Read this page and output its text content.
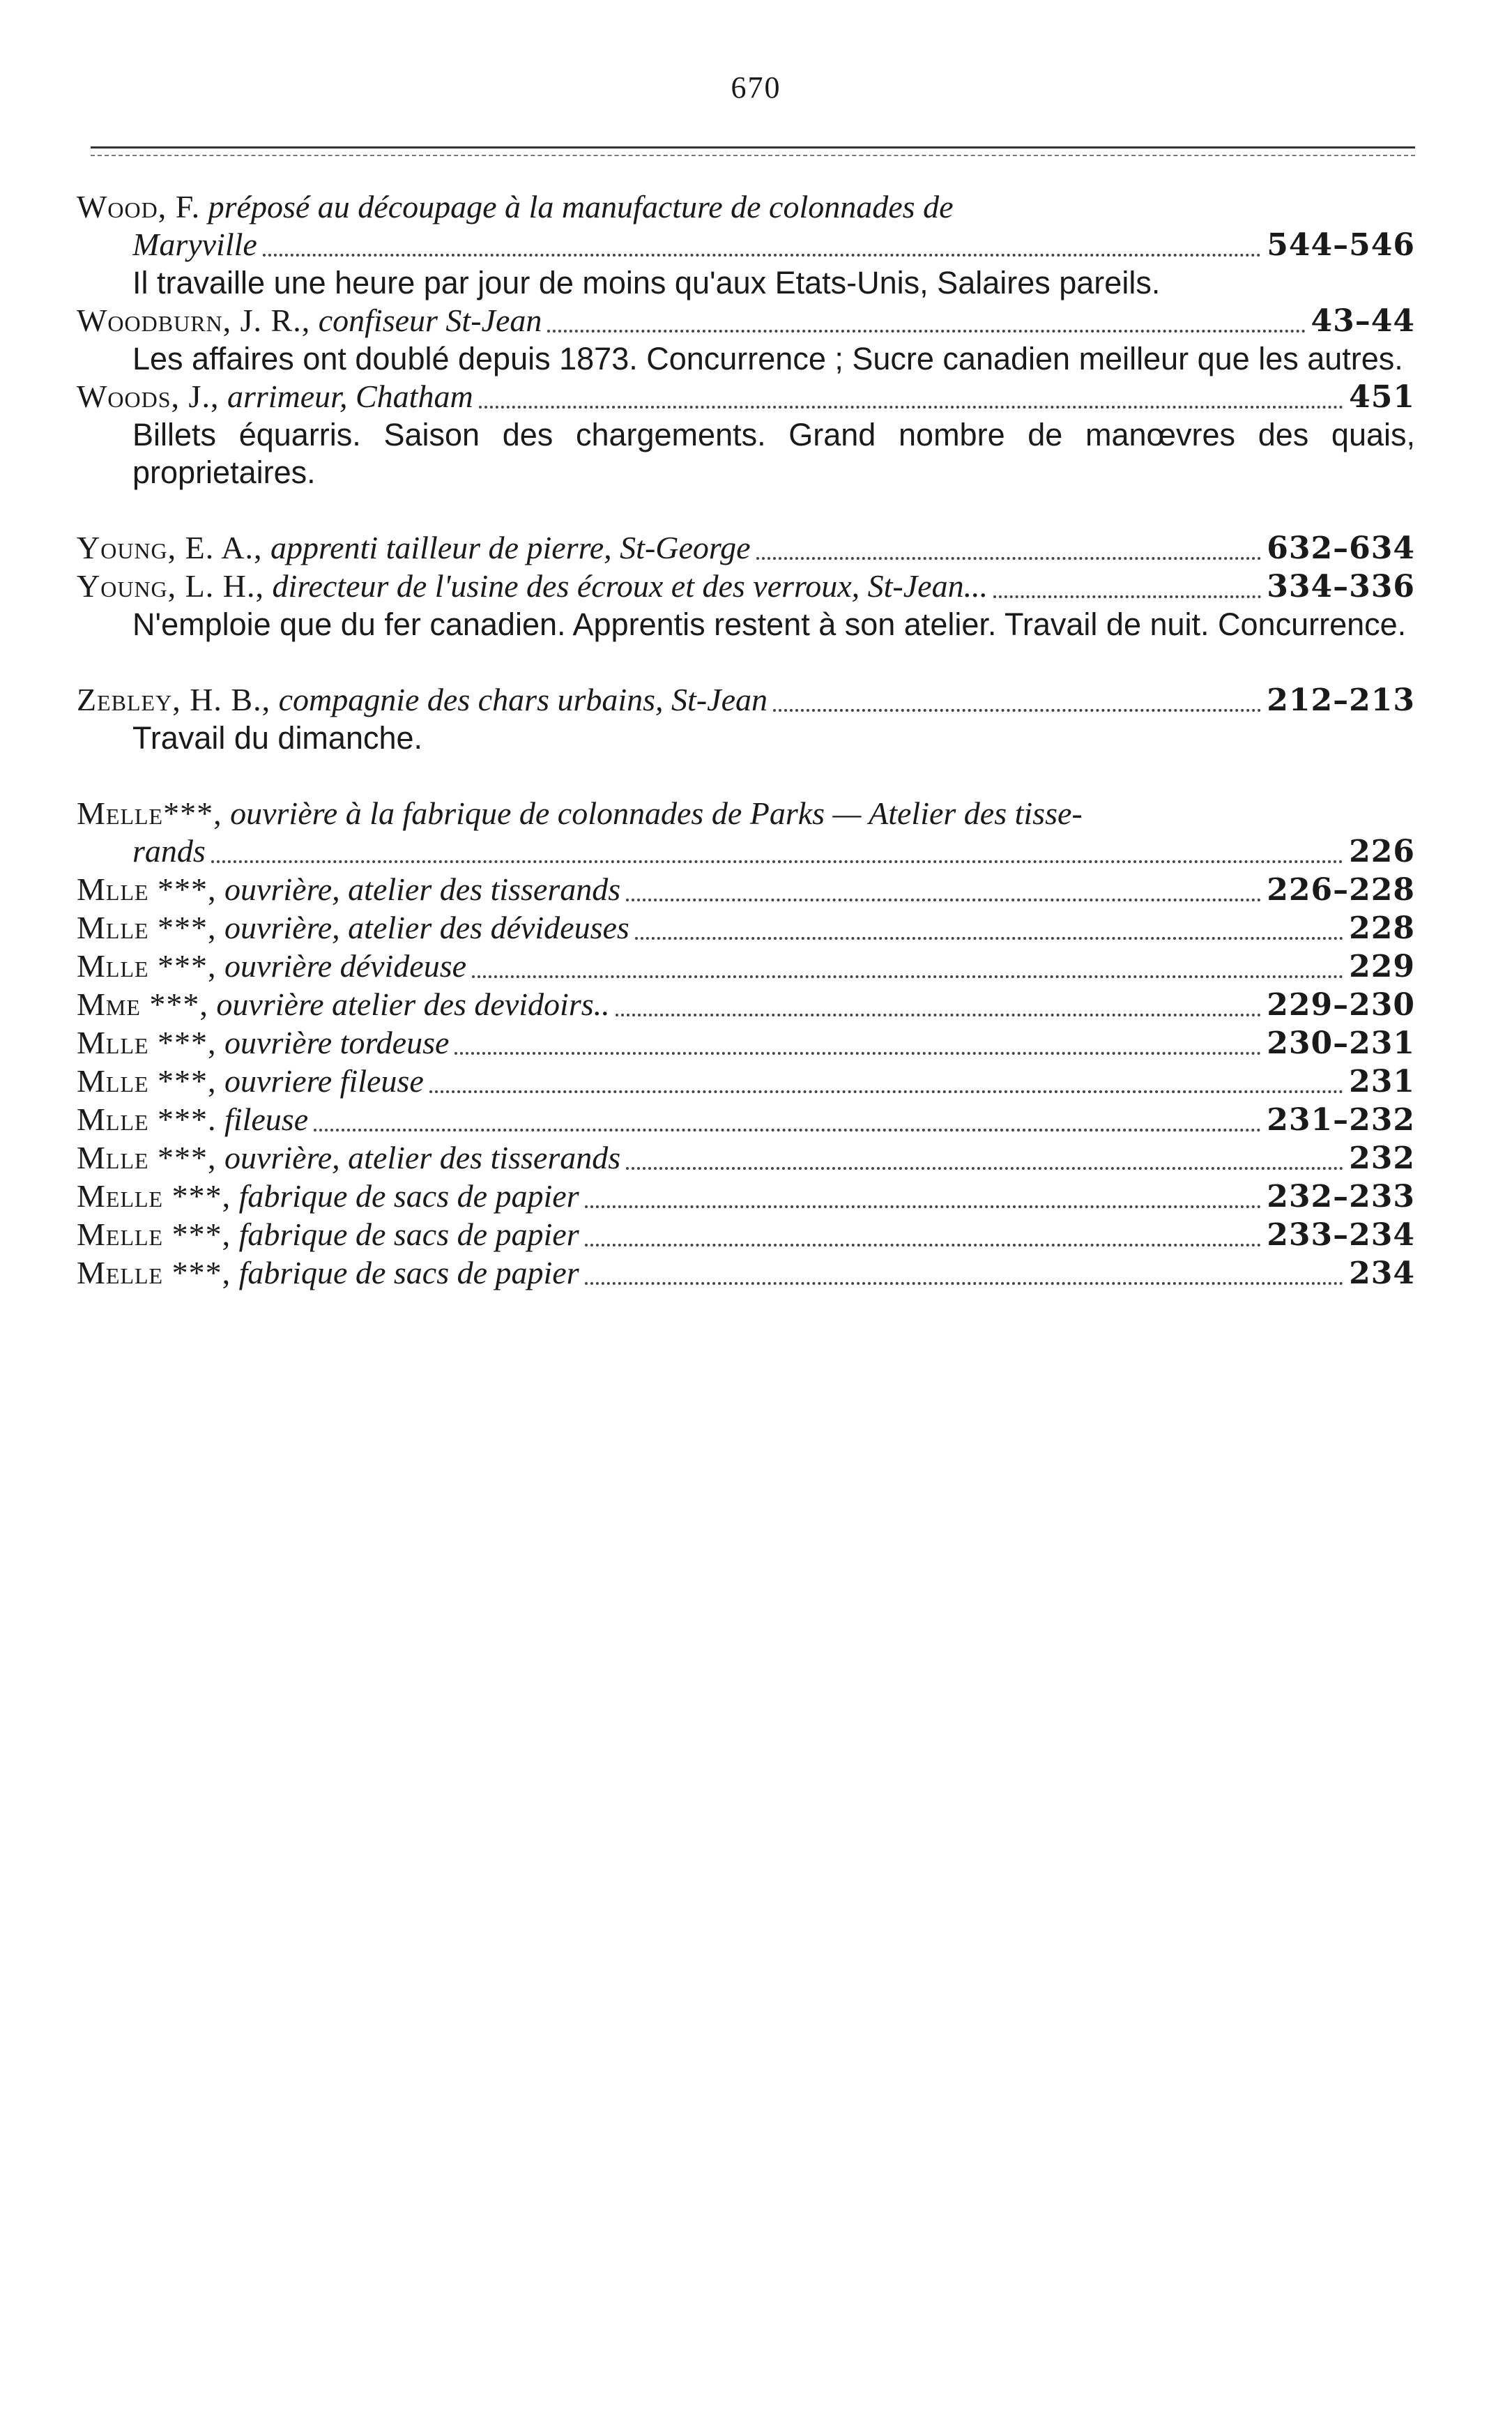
670
Wood, F. préposé au découpage à la manufacture de colonnades de
Maryville	544–546
Il travaille une heure par jour de moins qu'aux Etats-Unis, Salaires pareils.
Woodburn, J. R., confiseur St-Jean	43–44
Les affaires ont doublé depuis 1873. Concurrence ; Sucre canadien meilleur que les autres.
Woods, J., arrimeur, Chatham	451
Billets équarris. Saison des chargements. Grand nombre de manœvres des quais, proprietaires.
Young, E. A., apprenti tailleur de pierre, St-George	632–634
Young, L. H., directeur de l'usine des écroux et des verroux, St-Jean...	334–336
N'emploie que du fer canadien. Apprentis restent à son atelier. Travail de nuit. Concurrence.
Zebley, H. B., compagnie des chars urbains, St-Jean	212–213
Travail du dimanche.
Melle***, ouvrière à la fabrique de colonnades de Parks — Atelier des tisse-
rands	226
Mlle ***, ouvrière, atelier des tisserands	226–228
Mlle ***, ouvrière, atelier des dévideuses	228
Mlle ***, ouvrière dévideuse	229
Mme ***, ouvrière atelier des devidoirs..	229–230
Mlle ***, ouvrière tordeuse	230–231
Mlle ***, ouvriere fileuse	231
Mlle ***. fileuse	231–232
Mlle ***, ouvrière, atelier des tisserands	232
Melle ***, fabrique de sacs de papier	232–233
Melle ***, fabrique de sacs de papier	233–234
Melle ***, fabrique de sacs de papier	234
